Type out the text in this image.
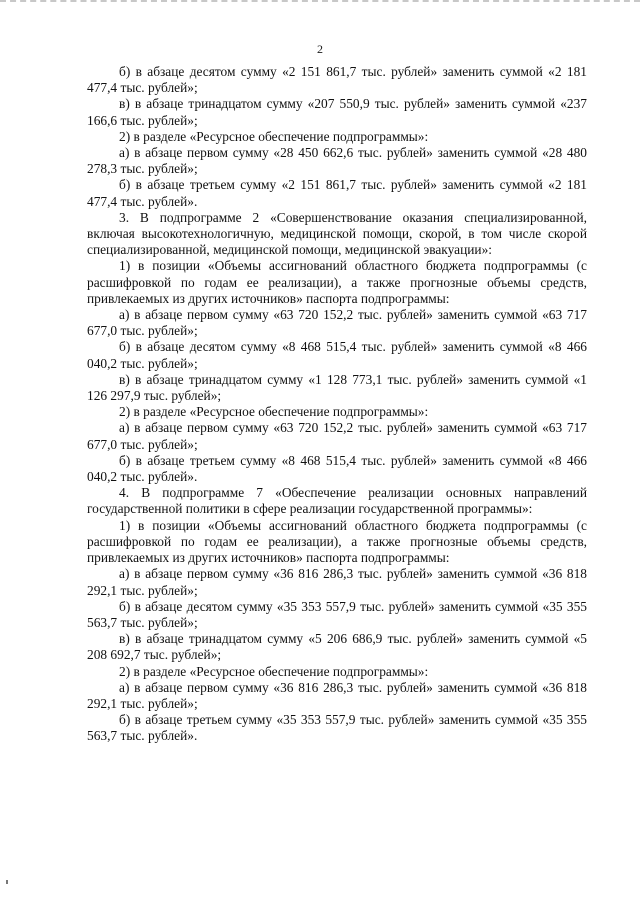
2

б) в абзаце десятом сумму «2 151 861,7 тыс. рублей» заменить суммой «2 181 477,4 тыс. рублей»;

в) в абзаце тринадцатом сумму «207 550,9 тыс. рублей» заменить суммой «237 166,6 тыс. рублей»;

2) в разделе «Ресурсное обеспечение подпрограммы»:

а) в абзаце первом сумму «28 450 662,6 тыс. рублей» заменить суммой «28 480 278,3 тыс. рублей»;

б) в абзаце третьем сумму «2 151 861,7 тыс. рублей» заменить суммой «2 181 477,4 тыс. рублей».

3. В подпрограмме 2 «Совершенствование оказания специализированной, включая высокотехнологичную, медицинской помощи, скорой, в том числе скорой специализированной, медицинской помощи, медицинской эвакуации»:

1) в позиции «Объемы ассигнований областного бюджета подпрограммы (с расшифровкой по годам ее реализации), а также прогнозные объемы средств, привлекаемых из других источников» паспорта подпрограммы:

а) в абзаце первом сумму «63 720 152,2 тыс. рублей» заменить суммой «63 717 677,0 тыс. рублей»;

б) в абзаце десятом сумму «8 468 515,4 тыс. рублей» заменить суммой «8 466 040,2 тыс. рублей»;

в) в абзаце тринадцатом сумму «1 128 773,1 тыс. рублей» заменить суммой «1 126 297,9 тыс. рублей»;

2) в разделе «Ресурсное обеспечение подпрограммы»:

а) в абзаце первом сумму «63 720 152,2 тыс. рублей» заменить суммой «63 717 677,0 тыс. рублей»;

б) в абзаце третьем сумму «8 468 515,4 тыс. рублей» заменить суммой «8 466 040,2 тыс. рублей».

4. В подпрограмме 7 «Обеспечение реализации основных направлений государственной политики в сфере реализации государственной программы»:

1) в позиции «Объемы ассигнований областного бюджета подпрограммы (с расшифровкой по годам ее реализации), а также прогнозные объемы средств, привлекаемых из других источников» паспорта подпрограммы:

а) в абзаце первом сумму «36 816 286,3 тыс. рублей» заменить суммой «36 818 292,1 тыс. рублей»;

б) в абзаце десятом сумму «35 353 557,9 тыс. рублей» заменить суммой «35 355 563,7 тыс. рублей»;

в) в абзаце тринадцатом сумму «5 206 686,9 тыс. рублей» заменить суммой «5 208 692,7 тыс. рублей»;

2) в разделе «Ресурсное обеспечение подпрограммы»:

а) в абзаце первом сумму «36 816 286,3 тыс. рублей» заменить суммой «36 818 292,1 тыс. рублей»;

б) в абзаце третьем сумму «35 353 557,9 тыс. рублей» заменить суммой «35 355 563,7 тыс. рублей».
